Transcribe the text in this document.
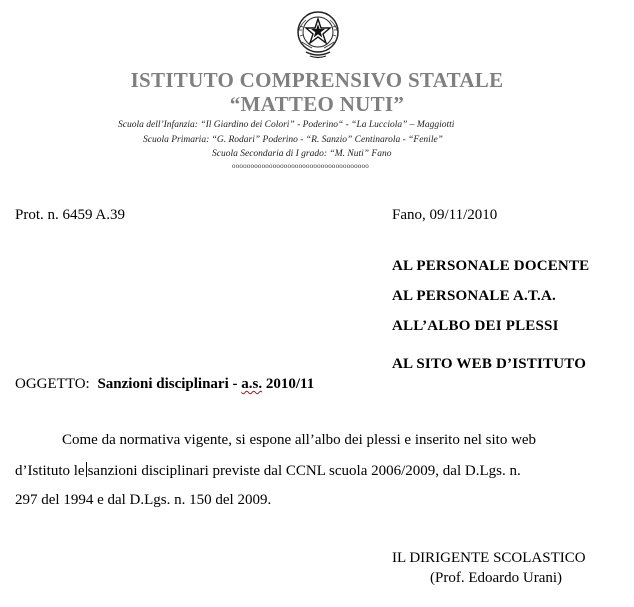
ISTITUTO COMPRENSIVO STATALE
“MATTEO NUTI”
Scuola dell’Infanzia: “Il Giardino dei Colori” - Poderino“ - “La Lucciola” – Maggiotti
Scuola Primaria: “G. Rodari” Poderino - “R. Sanzio” Centinarola - “Fenile”
Scuola Secondaria di I grado: “M. Nuti” Fano
ooooooooooooooooooooooooooooooooooooo
Prot. n. 6459 A.39	Fano, 09/11/2010
AL PERSONALE DOCENTE
AL PERSONALE A.T.A.
ALL’ALBO DEI PLESSI
AL SITO WEB D’ISTITUTO
OGGETTO: Sanzioni disciplinari - a.s. 2010/11
Come da normativa vigente, si espone all’albo dei plessi e inserito nel sito web
d’Istituto le sanzioni disciplinari previste dal CCNL scuola 2006/2009, dal D.Lgs. n.
297 del 1994 e dal D.Lgs. n. 150 del 2009.
IL DIRIGENTE SCOLASTICO
(Prof. Edoardo Urani)
